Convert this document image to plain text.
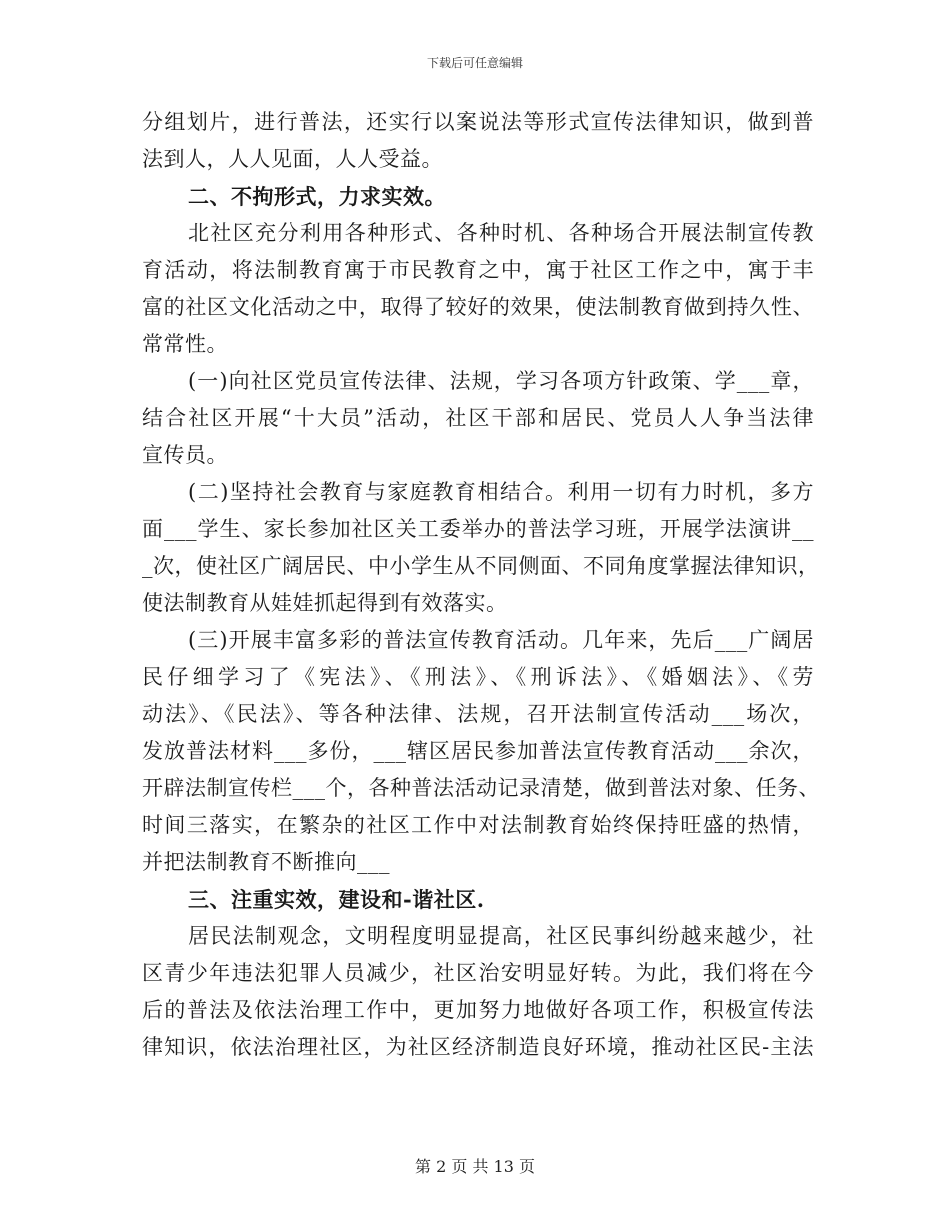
下载后可任意编辑
分组划片，进行普法，还实行以案说法等形式宣传法律知识，做到普
法到人，人人见面，人人受益。
二、不拘形式，力求实效。
北社区充分利用各种形式、各种时机、各种场合开展法制宣传教
育活动，将法制教育寓于市民教育之中，寓于社区工作之中，寓于丰
富的社区文化活动之中，取得了较好的效果，使法制教育做到持久性、
常常性。
(一)向社区党员宣传法律、法规，学习各项方针政策、学___章，
结合社区开展“十大员”活动，社区干部和居民、党员人人争当法律
宣传员。
(二)坚持社会教育与家庭教育相结合。利用一切有力时机，多方
面___学生、家长参加社区关工委举办的普法学习班，开展学法演讲__
_次，使社区广阔居民、中小学生从不同侧面、不同角度掌握法律知识，
使法制教育从娃娃抓起得到有效落实。
(三)开展丰富多彩的普法宣传教育活动。几年来，先后___广阔居
民仔细学习了《宪法》、《刑法》、《刑诉法》、《婚姻法》、《劳
动法》、《民法》、等各种法律、法规，召开法制宣传活动___场次，
发放普法材料___多份，___辖区居民参加普法宣传教育活动___余次，
开辟法制宣传栏___个，各种普法活动记录清楚，做到普法对象、任务、
时间三落实，在繁杂的社区工作中对法制教育始终保持旺盛的热情，
并把法制教育不断推向___
三、注重实效，建设和-谐社区.
居民法制观念，文明程度明显提高，社区民事纠纷越来越少，社
区青少年违法犯罪人员减少，社区治安明显好转。为此，我们将在今
后的普法及依法治理工作中，更加努力地做好各项工作，积极宣传法
律知识，依法治理社区，为社区经济制造良好环境，推动社区民-主法
第 2 页 共 13 页
